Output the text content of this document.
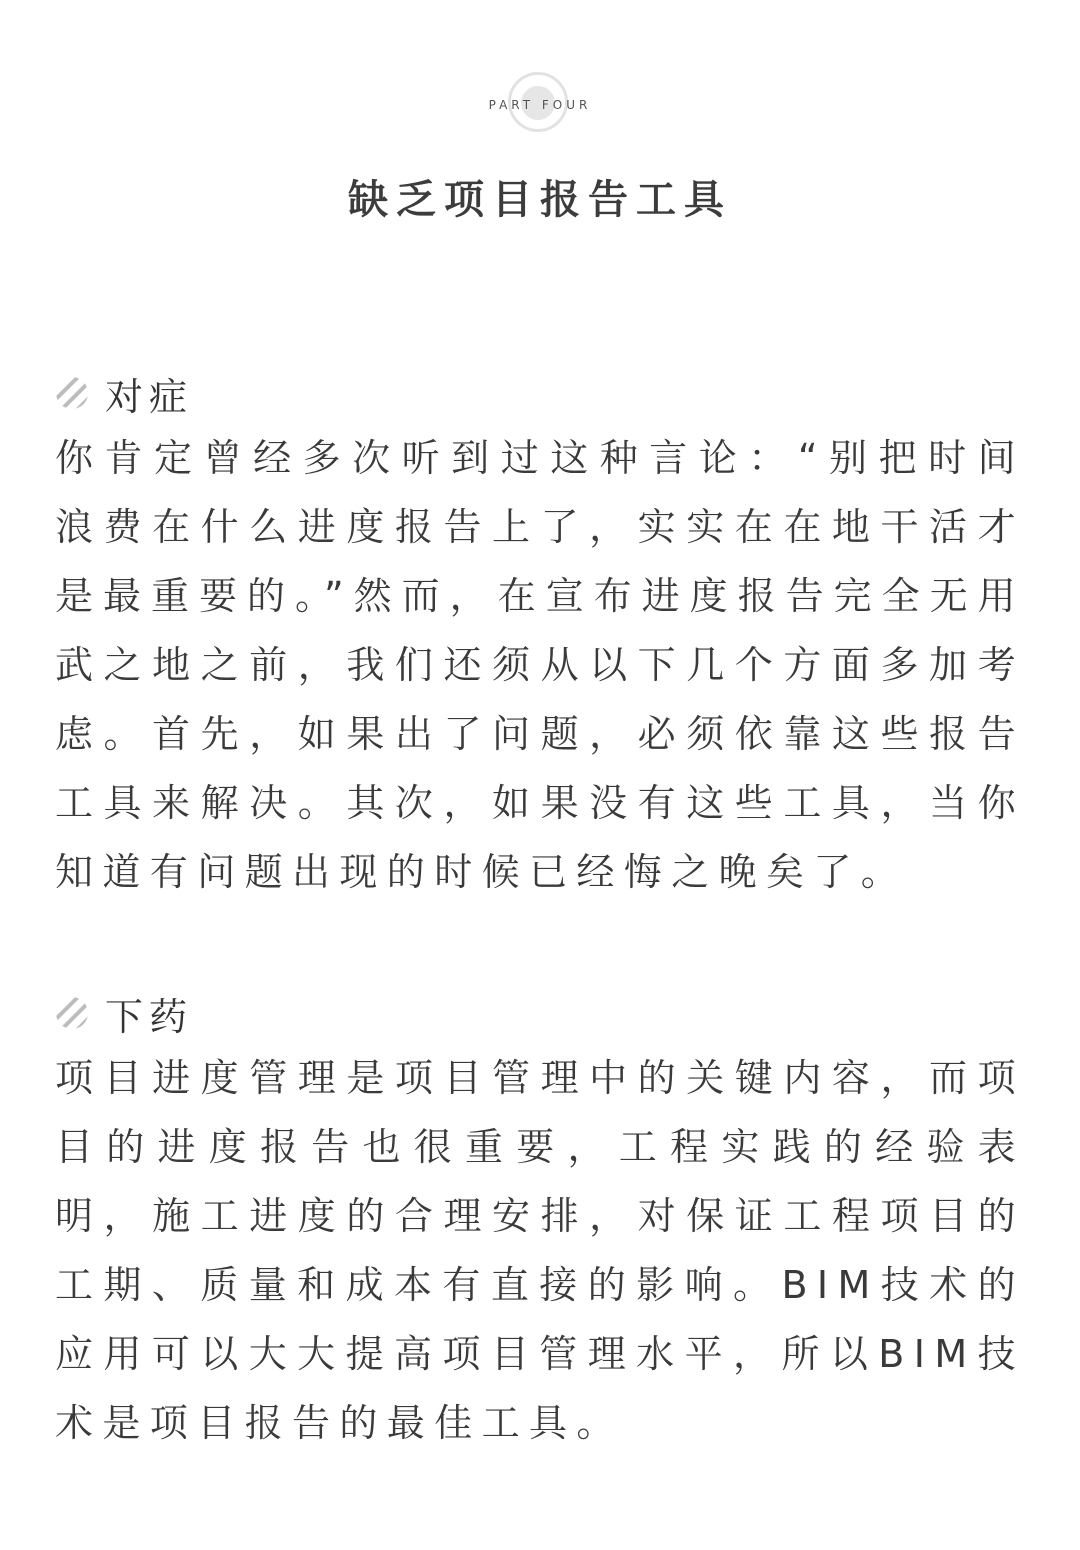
PART FOUR
缺乏项目报告工具
对症

你肯定曾经多次听到过这种言论：“别把时间浪费在什么进度报告上了，实实在在地干活才是最重要的。”然而，在宣布进度报告完全无用武之地之前，我们还须从以下几个方面多加考虑。首先，如果出了问题，必须依靠这些报告工具来解决。其次，如果没有这些工具，当你知道有问题出现的时候已经悔之晚矣了。

下药

项目进度管理是项目管理中的关键内容，而项目的进度报告也很重要，工程实践的经验表明，施工进度的合理安排，对保证工程项目的工期、质量和成本有直接的影响。BIM技术的应用可以大大提高项目管理水平，所以BIM技术是项目报告的最佳工具。
